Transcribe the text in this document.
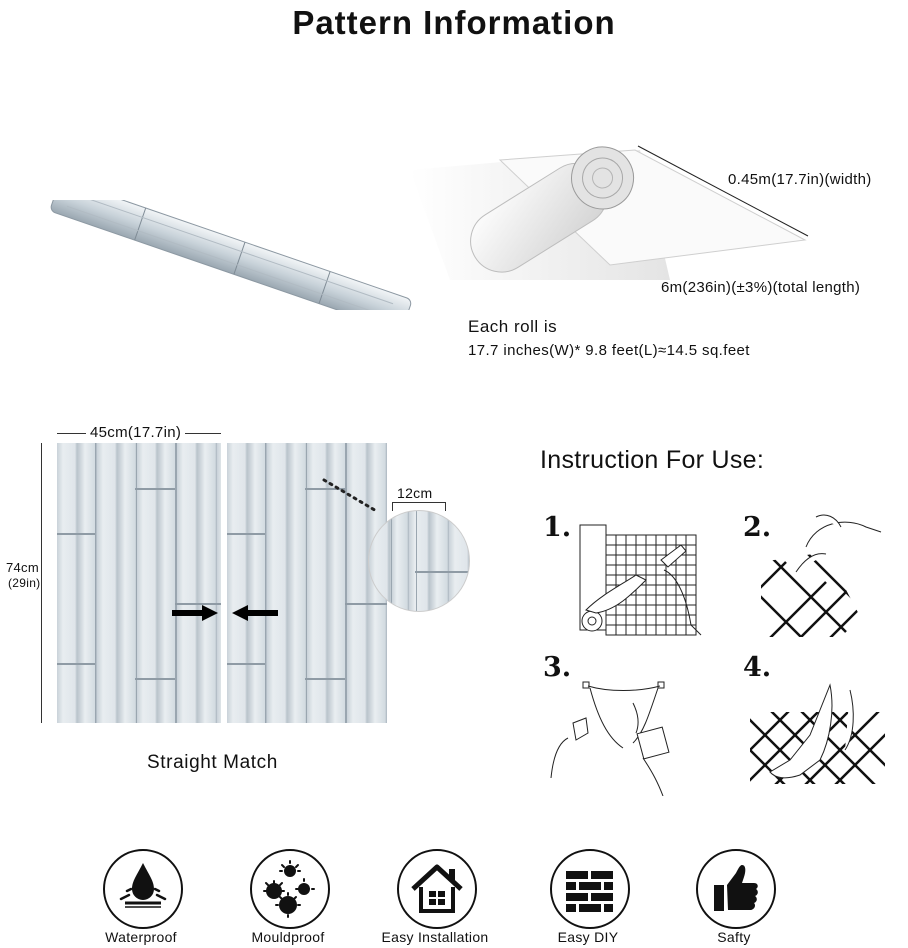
Pattern Information
0.45m(17.7in)(width)
6m(236in)(±3%)(total length)
Each roll is
17.7 inches(W)* 9.8 feet(L)≈14.5 sq.feet
45cm(17.7in)
74cm
(29in)
12cm
Straight Match
Instruction For Use:
1.	2.
3.	4.
Waterproof	Mouldproof	Easy Installation	Easy DIY	Safty
